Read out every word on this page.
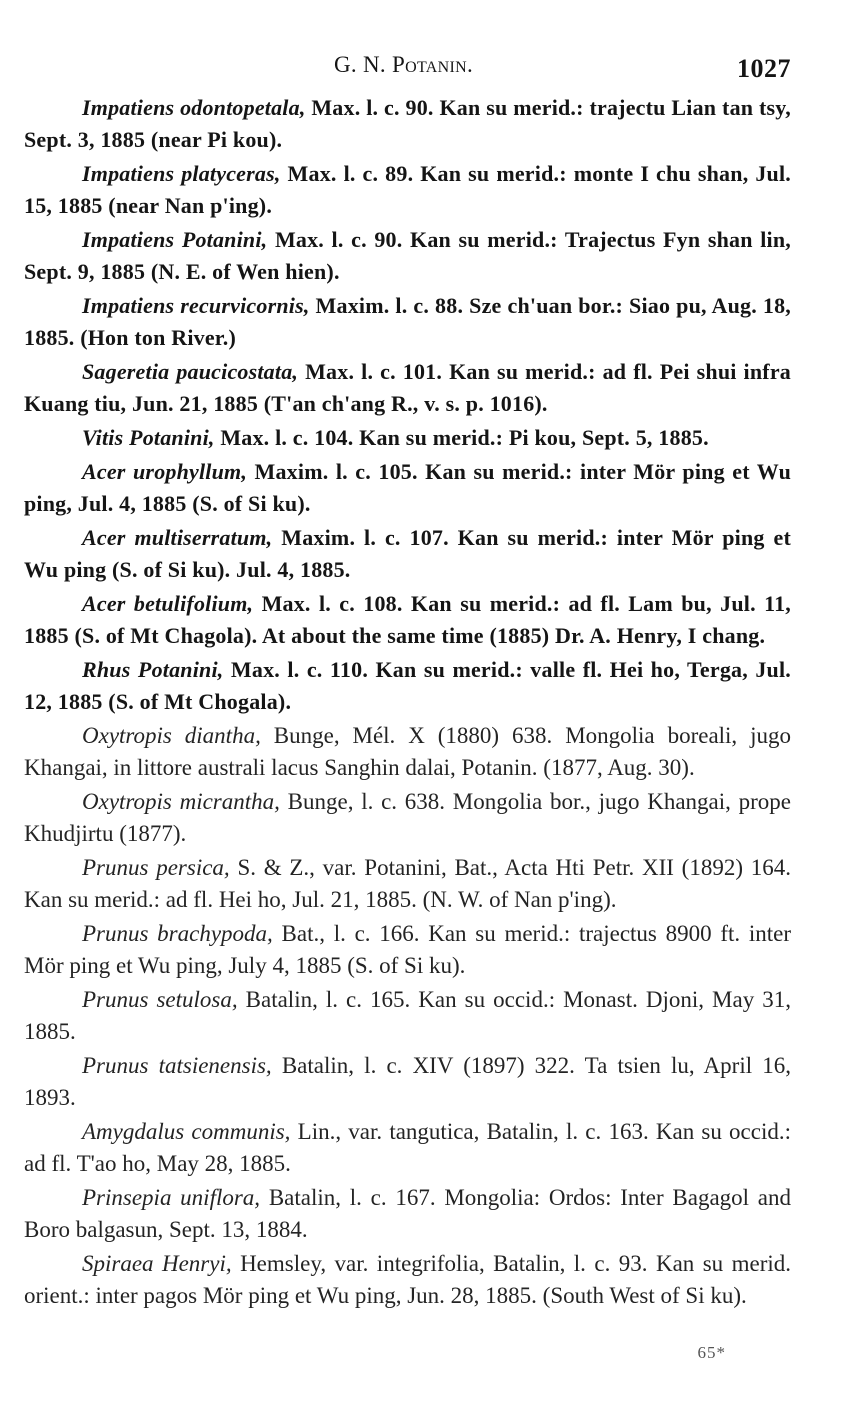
G. N. Potanin.	1027

Impatiens odontopetala, Max. l. c. 90. Kan su merid.: trajectu Lian tan tsy, Sept. 3, 1885 (near Pi kou).

Impatiens platyceras, Max. l. c. 89. Kan su merid.: monte I chu shan, Jul. 15, 1885 (near Nan p'ing).

Impatiens Potanini, Max. l. c. 90. Kan su merid.: Trajectus Fyn shan lin, Sept. 9, 1885 (N. E. of Wen hien).

Impatiens recurvicornis, Maxim. l. c. 88. Sze ch'uan bor.: Siao pu, Aug. 18, 1885. (Hon ton River.)

Sageretia paucicostata, Max. l. c. 101. Kan su merid.: ad fl. Pei shui infra Kuang tiu, Jun. 21, 1885 (T'an ch'ang R., v. s. p. 1016).

Vitis Potanini, Max. l. c. 104. Kan su merid.: Pi kou, Sept. 5, 1885.

Acer urophyllum, Maxim. l. c. 105. Kan su merid.: inter Mör ping et Wu ping, Jul. 4, 1885 (S. of Si ku).

Acer multiserratum, Maxim. l. c. 107. Kan su merid.: inter Mör ping et Wu ping (S. of Si ku). Jul. 4, 1885.

Acer betulifolium, Max. l. c. 108. Kan su merid.: ad fl. Lam bu, Jul. 11, 1885 (S. of Mt Chagola). At about the same time (1885) Dr. A. Henry, I chang.

Rhus Potanini, Max. l. c. 110. Kan su merid.: valle fl. Hei ho, Terga, Jul. 12, 1885 (S. of Mt Chogala).

Oxytropis diantha, Bunge, Mél. X (1880) 638. Mongolia boreali, jugo Khangai, in littore australi lacus Sanghin dalai, Potanin. (1877, Aug. 30).

Oxytropis micrantha, Bunge, l. c. 638. Mongolia bor., jugo Khangai, prope Khudjirtu (1877).

Prunus persica, S. & Z., var. Potanini, Bat., Acta Hti Petr. XII (1892) 164. Kan su merid.: ad fl. Hei ho, Jul. 21, 1885. (N. W. of Nan p'ing).

Prunus brachypoda, Bat., l. c. 166. Kan su merid.: trajectus 8900 ft. inter Mör ping et Wu ping, July 4, 1885 (S. of Si ku).

Prunus setulosa, Batalin, l. c. 165. Kan su occid.: Monast. Djoni, May 31, 1885.

Prunus tatsienensis, Batalin, l. c. XIV (1897) 322. Ta tsien lu, April 16, 1893.

Amygdalus communis, Lin., var. tangutica, Batalin, l. c. 163. Kan su occid.: ad fl. T'ao ho, May 28, 1885.

Prinsepia uniflora, Batalin, l. c. 167. Mongolia: Ordos: Inter Bagagol and Boro balgasun, Sept. 13, 1884.

Spiraea Henryi, Hemsley, var. integrifolia, Batalin, l. c. 93. Kan su merid. orient.: inter pagos Mör ping et Wu ping, Jun. 28, 1885. (South West of Si ku).

65*
